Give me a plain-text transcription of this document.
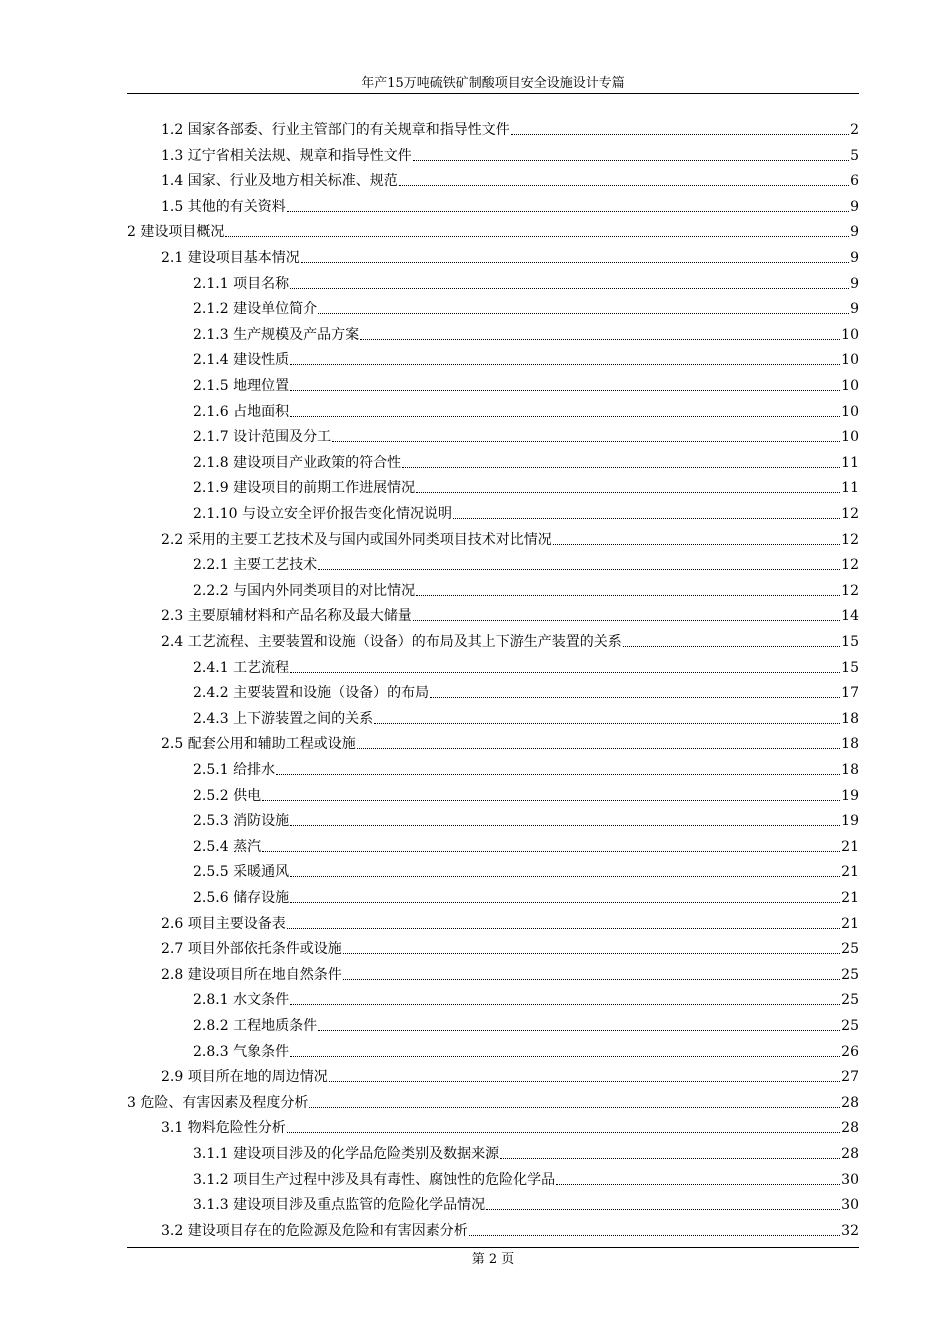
年产15万吨硫铁矿制酸项目安全设施设计专篇
1.2 国家各部委、行业主管部门的有关规章和指导性文件	2
1.3 辽宁省相关法规、规章和指导性文件	5
1.4 国家、行业及地方相关标准、规范	6
1.5 其他的有关资料	9
2 建设项目概况	9
2.1 建设项目基本情况	9
2.1.1 项目名称	9
2.1.2 建设单位简介	9
2.1.3 生产规模及产品方案	10
2.1.4 建设性质	10
2.1.5 地理位置	10
2.1.6 占地面积	10
2.1.7 设计范围及分工	10
2.1.8 建设项目产业政策的符合性	11
2.1.9 建设项目的前期工作进展情况	11
2.1.10 与设立安全评价报告变化情况说明	12
2.2 采用的主要工艺技术及与国内或国外同类项目技术对比情况	12
2.2.1 主要工艺技术	12
2.2.2 与国内外同类项目的对比情况	12
2.3 主要原辅材料和产品名称及最大储量	14
2.4 工艺流程、主要装置和设施（设备）的布局及其上下游生产装置的关系	15
2.4.1 工艺流程	15
2.4.2 主要装置和设施（设备）的布局	17
2.4.3 上下游装置之间的关系	18
2.5 配套公用和辅助工程或设施	18
2.5.1 给排水	18
2.5.2 供电	19
2.5.3 消防设施	19
2.5.4 蒸汽	21
2.5.5 采暖通风	21
2.5.6 储存设施	21
2.6 项目主要设备表	21
2.7 项目外部依托条件或设施	25
2.8 建设项目所在地自然条件	25
2.8.1 水文条件	25
2.8.2 工程地质条件	25
2.8.3 气象条件	26
2.9 项目所在地的周边情况	27
3 危险、有害因素及程度分析	28
3.1 物料危险性分析	28
3.1.1 建设项目涉及的化学品危险类别及数据来源	28
3.1.2 项目生产过程中涉及具有毒性、腐蚀性的危险化学品	30
3.1.3 建设项目涉及重点监管的危险化学品情况	30
3.2 建设项目存在的危险源及危险和有害因素分析	32
第 2 页
